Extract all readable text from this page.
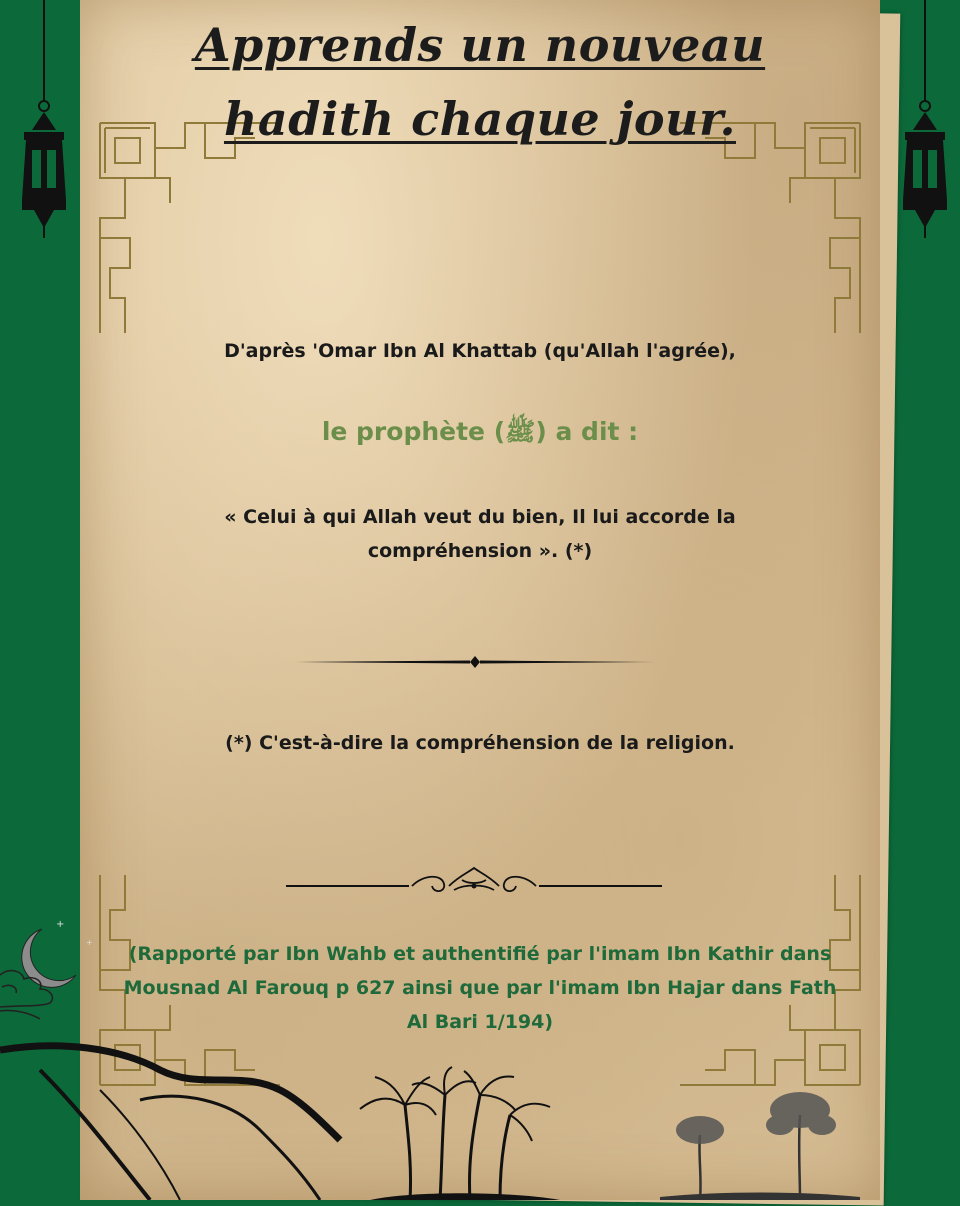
Apprends un nouveau
hadith chaque jour.

D'après 'Omar Ibn Al Khattab (qu'Allah l'agrée),

le prophète (ﷺ) a dit :

« Celui à qui Allah veut du bien, Il lui accorde la compréhension ». (*)

(*) C'est-à-dire la compréhension de la religion.

(Rapporté par Ibn Wahb et authentifié par l'imam Ibn Kathir dans Mousnad Al Farouq p 627 ainsi que par l'imam Ibn Hajar dans Fath Al Bari 1/194)

+
+
